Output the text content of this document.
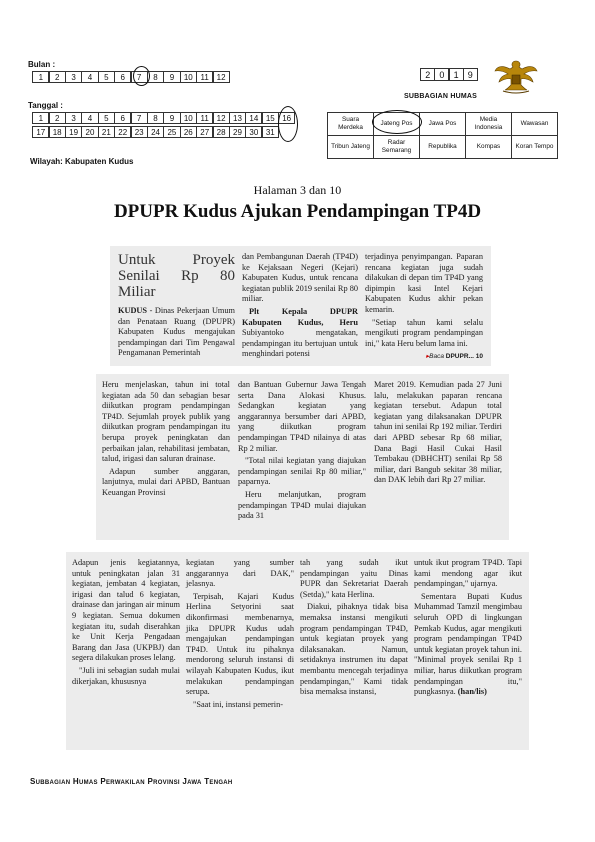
Bulan :
1	2	3	4	5	6	7	8	9	10 11 12
Tanggal :
1	2	3	4	5	6	7	8	9	10 11 12 13 14 15 16
17 18 19 20 21 22 23 24 25 26 27 28 29 30 31
2	0	1	9
SUBBAGIAN HUMAS
Suara Merdeka	Jateng Pos	Jawa Pos	Media Indonesia	Wawasan
Tribun Jateng	Radar Semarang	Republika	Kompas	Koran Tempo
Wilayah: Kabupaten Kudus
Halaman 3 dan 10
DPUPR Kudus Ajukan Pendampingan TP4D
Untuk Proyek Senilai Rp 80 Miliar

KUDUS - Dinas Pekerjaan Umum dan Penataan Ruang (DPUPR) Kabupaten Kudus mengajukan pendampingan dari Tim Pengawal Pengamanan Pemerintah

dan Pembangunan Daerah (TP4D) ke Kejaksaan Negeri (Kejari) Kabupaten Kudus, untuk rencana kegiatan publik 2019 senilai Rp 80 miliar.

Plt Kepala DPUPR Kabupaten Kudus, Heru Subiyantoko mengatakan, pendampingan itu bertujuan untuk menghindari potensi

terjadinya penyimpangan. Paparan rencana kegiatan juga sudah dilakukan di depan tim TP4D yang dipimpin kasi Intel Kejari Kabupaten Kudus akhir pekan kemarin.

"Setiap tahun kami selalu mengikuti program pendampingan ini," kata Heru belum lama ini.

▸Baca DPUPR... 10

Heru menjelaskan, tahun ini total kegiatan ada 50 dan sebagian besar diikutkan program pendampingan TP4D. Sejumlah proyek publik yang diikutkan program pendampingan itu berupa proyek peningkatan dan perbaikan jalan, rehabilitasi jembatan, talud, irigasi dan saluran drainase.

Adapun sumber anggaran, lanjutnya, mulai dari APBD, Bantuan Keuangan Provinsi

dan Bantuan Gubernur Jawa Tengah serta Dana Alokasi Khusus. Sedangkan kegiatan yang anggarannya bersumber dari APBD, yang diikutkan program pendampingan TP4D nilainya di atas Rp 2 miliar.

"Total nilai kegiatan yang diajukan pendampingan senilai Rp 80 miliar," paparnya.

Heru melanjutkan, program pendampingan TP4D mulai diajukan pada 31

Maret 2019. Kemudian pada 27 Juni lalu, melakukan paparan rencana kegiatan tersebut. Adapun total kegiatan yang dilaksanakan DPUPR tahun ini senilai Rp 192 miliar. Terdiri dari APBD sebesar Rp 68 miliar, Dana Bagi Hasil Cukai Hasil Tembakau (DBHCHT) senilai Rp 58 miliar, dari Bangub sekitar 38 miliar, dan DAK lebih dari Rp 27 miliar.

Adapun jenis kegiatannya, untuk peningkatan jalan 31 kegiatan, jembatan 4 kegiatan, irigasi dan talud 6 kegiatan, drainase dan jaringan air minum 9 kegiatan. Semua dokumen kegiatan itu, sudah diserahkan ke Unit Kerja Pengadaan Barang dan Jasa (UKPBJ) dan segera dilakukan proses lelang.

"Juli ini sebagian sudah mulai dikerjakan, khususnya

kegiatan yang sumber anggarannya dari DAK," jelasnya.

Terpisah, Kajari Kudus Herlina Setyorini saat dikonfirmasi membenarnya, jika DPUPR Kudus udah mengajukan pendampingan TP4D. Untuk itu pihaknya mendorong seluruh instansi di wilayah Kabupaten Kudus, ikut melakukan pendampingan serupa.

"Saat ini, instansi pemerin-

tah yang sudah ikut pendampingan yaitu Dinas PUPR dan Sekretariat Daerah (Setda)," kata Herlina.

Diakui, pihaknya tidak bisa memaksa instansi mengikuti program pendampingan TP4D, untuk kegiatan proyek yang dilaksanakan. Namun, setidaknya instrumen itu dapat membantu mencegah terjadinya pendampingan," Kami tidak bisa memaksa instansi,

untuk ikut program TP4D. Tapi kami mendong agar ikut pendampingan," ujarnya.

Sementara Bupati Kudus Muhammad Tamzil mengimbau seluruh OPD di lingkungan Pemkab Kudus, agar mengikuti program pendampingan TP4D untuk kegiatan proyek tahun ini. "Minimal proyek senilai Rp 1 miliar, harus diikutkan program pendampingan itu," pungkasnya. (han/lis)

Subbagian Humas Perwakilan Provinsi Jawa Tengah
